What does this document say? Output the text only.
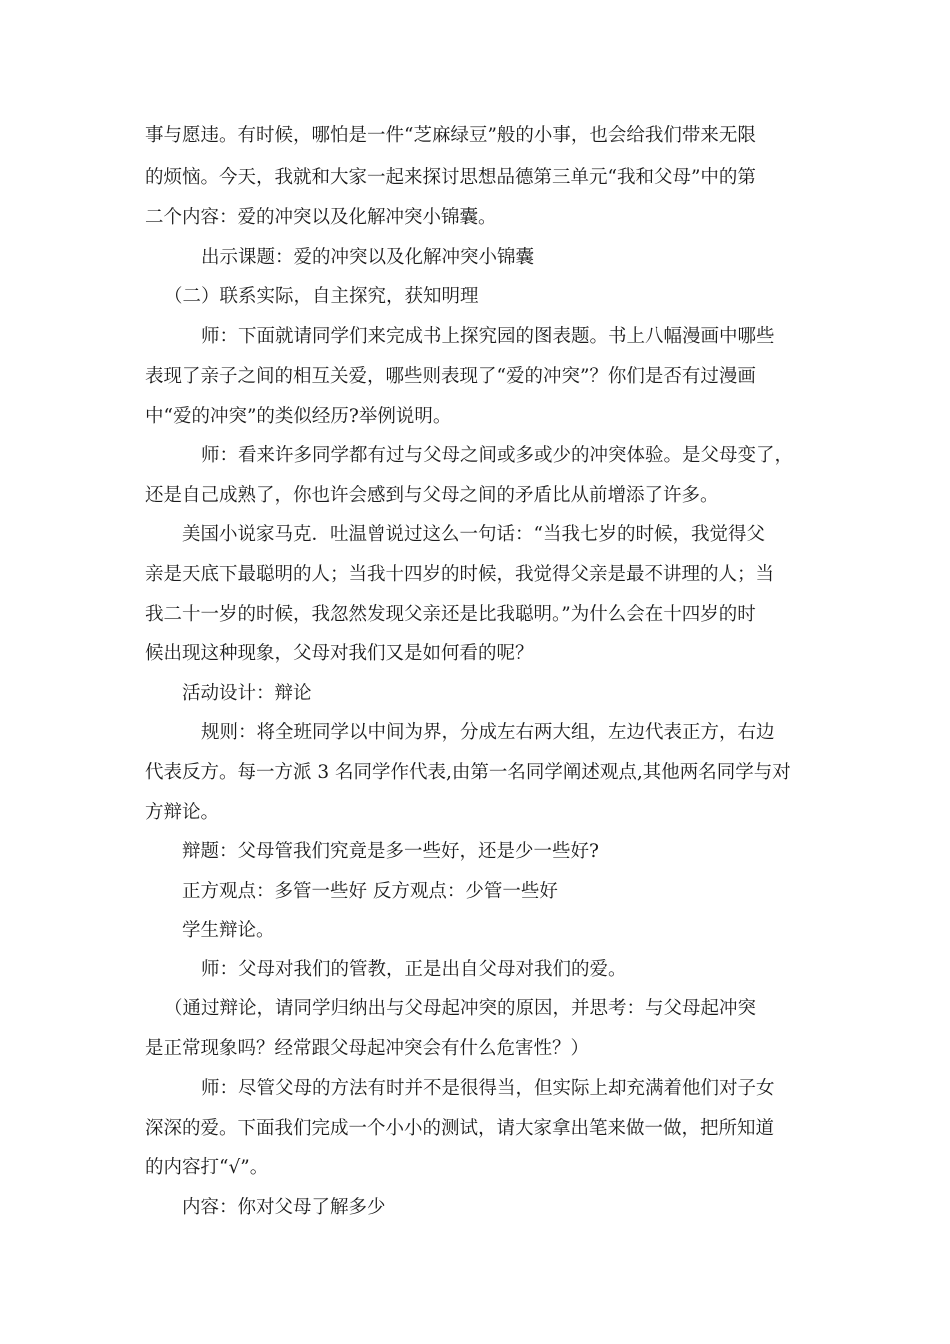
事与愿违。有时候，哪怕是一件“芝麻绿豆”般的小事，也会给我们带来无限
的烦恼。今天，我就和大家一起来探讨思想品德第三单元“我和父母”中的第
二个内容：爱的冲突以及化解冲突小锦囊。
出示课题：爱的冲突以及化解冲突小锦囊
（二）联系实际，自主探究，获知明理
师：下面就请同学们来完成书上探究园的图表题。书上八幅漫画中哪些
表现了亲子之间的相互关爱，哪些则表现了“爱的冲突”？你们是否有过漫画
中“爱的冲突”的类似经历?举例说明。
师：看来许多同学都有过与父母之间或多或少的冲突体验。是父母变了，
还是自己成熟了，你也许会感到与父母之间的矛盾比从前增添了许多。
美国小说家马克．吐温曾说过这么一句话：“当我七岁的时候，我觉得父
亲是天底下最聪明的人；当我十四岁的时候，我觉得父亲是最不讲理的人；当
我二十一岁的时候，我忽然发现父亲还是比我聪明。”为什么会在十四岁的时
候出现这种现象，父母对我们又是如何看的呢？
活动设计：辩论
规则：将全班同学以中间为界，分成左右两大组，左边代表正方，右边
代表反方。每一方派 3 名同学作代表,由第一名同学阐述观点,其他两名同学与对
方辩论。
辩题：父母管我们究竟是多一些好，还是少一些好?
正方观点：多管一些好 反方观点：少管一些好
学生辩论。
师：父母对我们的管教，正是出自父母对我们的爱。
（通过辩论，请同学归纳出与父母起冲突的原因，并思考：与父母起冲突
是正常现象吗？经常跟父母起冲突会有什么危害性？）
师：尽管父母的方法有时并不是很得当，但实际上却充满着他们对子女
深深的爱。下面我们完成一个小小的测试，请大家拿出笔来做一做，把所知道
的内容打“√”。
内容：你对父母了解多少
